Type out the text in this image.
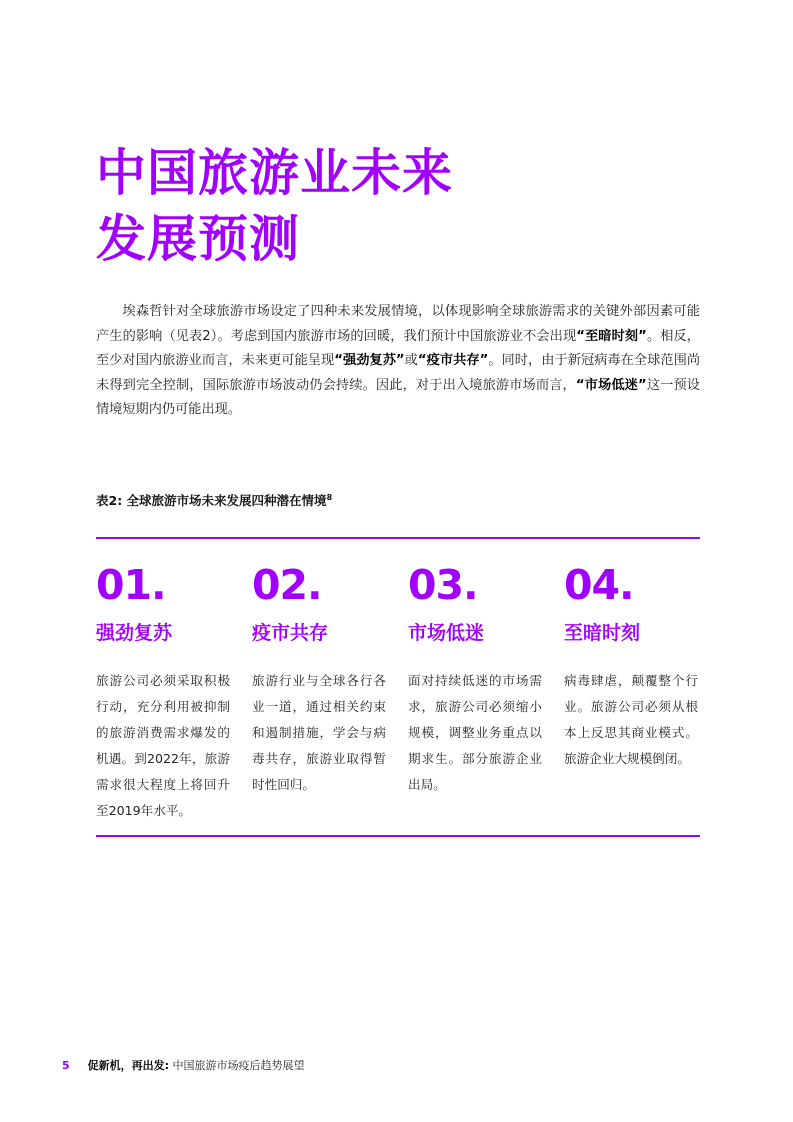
中国旅游业未来
发展预测

埃森哲针对全球旅游市场设定了四种未来发展情境，以体现影响全球旅游需求的关键外部因素可能产生的影响（见表2）。考虑到国内旅游市场的回暖，我们预计中国旅游业不会出现“至暗时刻”。相反，至少对国内旅游业而言，未来更可能呈现“强劲复苏”或“疫市共存”。同时，由于新冠病毒在全球范围尚未得到完全控制，国际旅游市场波动仍会持续。因此，对于出入境旅游市场而言，“市场低迷”这一预设情境短期内仍可能出现。

表2: 全球旅游市场未来发展四种潜在情境$^8$

01.
强劲复苏
旅游公司必须采取积极行动，充分利用被抑制的旅游消费需求爆发的机遇。到2022年，旅游需求很大程度上将回升至2019年水平。
02.
疫市共存
旅游行业与全球各行各业一道，通过相关约束和遏制措施，学会与病毒共存，旅游业取得暂时性回归。
03.
市场低迷
面对持续低迷的市场需求，旅游公司必须缩小规模，调整业务重点以期求生。部分旅游企业出局。
04.
至暗时刻
病毒肆虐，颠覆整个行业。旅游公司必须从根本上反思其商业模式。旅游企业大规模倒闭。
5 促新机，再出发: 中国旅游市场疫后趋势展望
